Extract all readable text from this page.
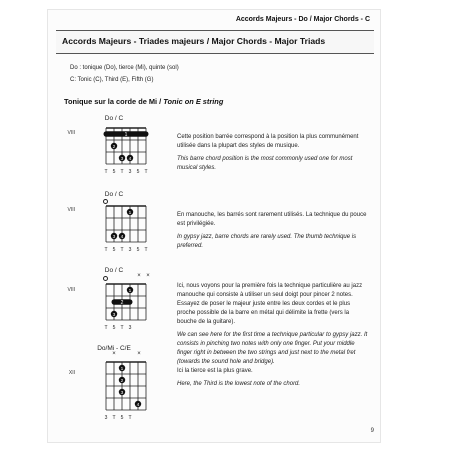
Accords Majeurs - Do / Major Chords - C
Accords Majeurs - Triades majeurs / Major Chords - Major Triads
Do : tonique (Do), tierce (Mi), quinte (sol)
C: Tonic (C), Third (E), Fifth (G)
Tonique sur la corde de Mi / Tonic on E string
Do / C
VIII	1
2
3 4
T 5 T 3 5 T

Cette position barrée correspond à la position la plus communément utilisée dans la plupart des styles de musique.

This barre chord position is the most commonly used one for most musical styles.

Do / C
VIII
1
3 4
T 5 T 3 5 T

En manouche, les barrés sont rarement utilisés. La technique du pouce est privilégiée.

In gypsy jazz, barre chords are rarely used. The thumb technique is preferred.

Do / C
× ×
VIII
2
1
3
T 5 T 3

Ici, nous voyons pour la première fois la technique particulière au jazz manouche qui consiste à utiliser un seul doigt pour pincer 2 notes. Essayez de poser le majeur juste entre les deux cordes et le plus proche possible de la barre en métal qui délimite la frette (vers la bouche de la guitare).

We can see here for the first time a technique particular to gypsy jazz. It consists in pinching two notes with only one finger. Put your middle finger right in between the two strings and just next to the metal fret (towards the sound hole and bridge).

Do/Mi - C/E
×	×
XII
1
2
3
4
3 T 5 T

Ici la tierce est la plus grave.

Here, the Third is the lowest note of the chord.

9
